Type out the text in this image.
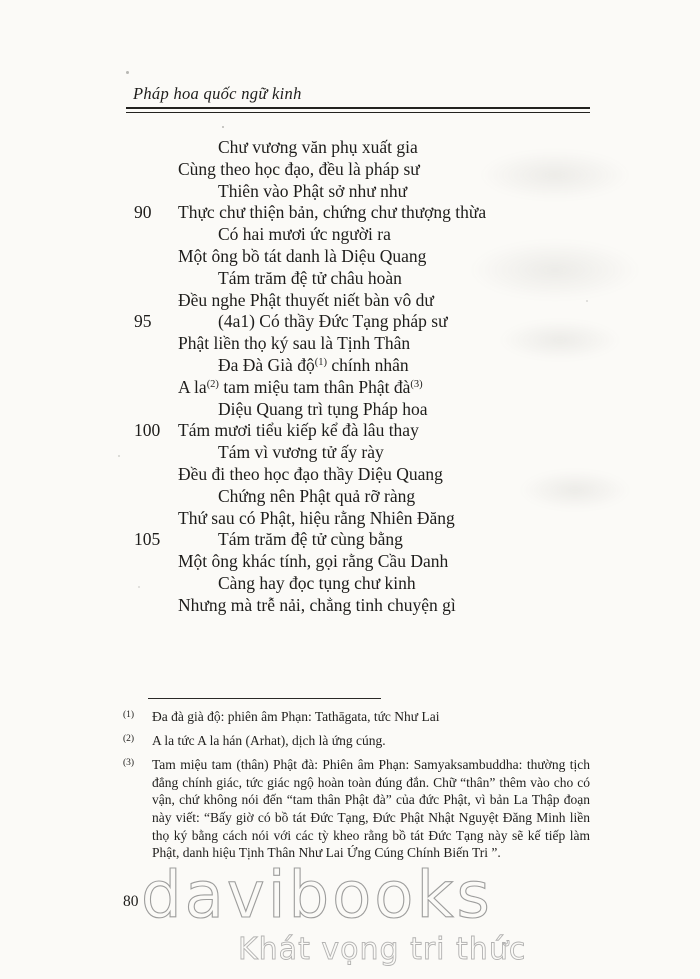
davibooks
Khát vọng tri thức
Pháp hoa quốc ngữ kinh
Chư vương văn phụ xuất gia
Cùng theo học đạo, đều là pháp sư
Thiên vào Phật sở như như
90 Thực chư thiện bản, chứng chư thượng thừa
Có hai mươi ức người ra
Một ông bồ tát danh là Diệu Quang
Tám trăm đệ tử châu hoàn
Đều nghe Phật thuyết niết bàn vô dư
95	(4a1) Có thầy Đức Tạng pháp sư
Phật liền thọ ký sau là Tịnh Thân
Đa Đà Già độ$^{(1)}$ chính nhân
A $la^{(2)}$ tam miệu tam thân Phật $đà^{(3)}$
Diệu Quang trì tụng Pháp hoa
100 Tám mươi tiểu kiếp kể đà lâu thay
Tám vì vương tử ấy rày
Đều đi theo học đạo thầy Diệu Quang
Chứng nên Phật quả rỡ ràng
Thứ sau có Phật, hiệu rằng Nhiên Đăng
105	Tám trăm đệ tử cùng bằng
Một ông khác tính, gọi rằng Cầu Danh
Càng hay đọc tụng chư kinh
Nhưng mà trễ nải, chẳng tinh chuyện gì
(1) Đa đà già độ: phiên âm Phạn: Tathāgata, tức Như Lai
(2) A la tức A la hán (Arhat), dịch là ứng cúng.
(3) Tam miệu tam (thân) Phật đà: Phiên âm Phạn: Samyaksambuddha: thường tịch đẳng chính giác, tức giác ngộ hoàn toàn đúng đắn. Chữ “thân” thêm vào cho có vận, chứ không nói đến “tam thân Phật đà” của đức Phật, vì bản La Thập đoạn này viết: “Bấy giờ có bồ tát Đức Tạng, Đức Phật Nhật Nguyệt Đăng Minh liền thọ ký bằng cách nói với các tỳ kheo rằng bồ tát Đức Tạng này sẽ kế tiếp làm Phật, danh hiệu Tịnh Thân Như Lai Ứng Cúng Chính Biến Tri ”.
80
